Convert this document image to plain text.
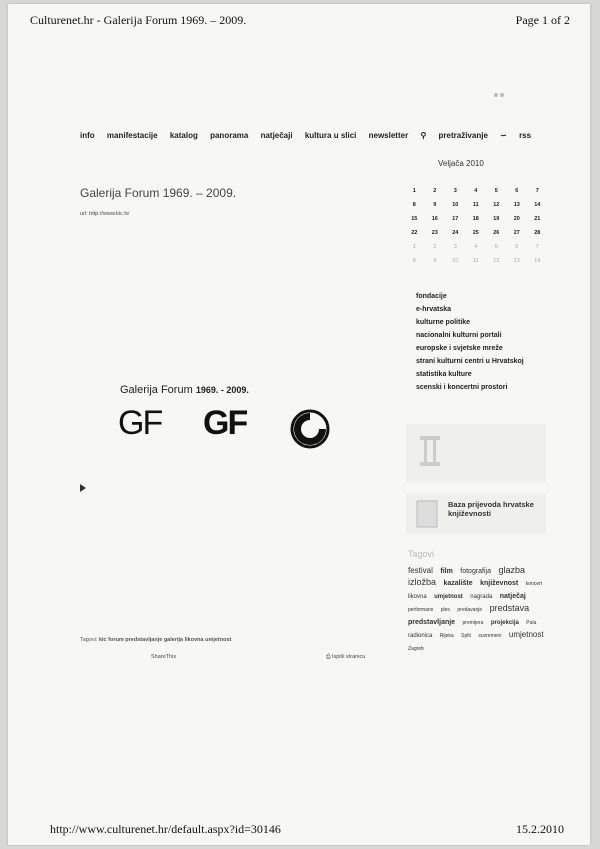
Culturenet.hr - Galerija Forum 1969. – 2009.	Page 1 of 2

info manifestacije katalog panorama natječaji kultura u slici newsletter ⚲ pretraživanje ∽ rss
Galerija Forum 1969. – 2009.
url: http://www.kic.hr
Galerija Forum 1969. - 2009.
GF GF
Tagovi: kic forum predstavljanje galerija likovna umjetnost
ShareThis	⎙ Ispiši stranicu

Veljača 2010
1	2	3	4	5	6	7
8	9	10	11	12	13	14
15	16	17	18	19	20	21
22	23	24	25	26	27	28
1	2	3	4	5	6	7
8	9	10	11	12	13	14
fondacije
e-hrvatska
kulturne politike
nacionalni kulturni portali
europske i svjetske mreže
strani kulturni centri u Hrvatskoj
statistika kulture
scenski i koncertni prostori
Baza prijevoda hrvatske književnosti
Tagovi
festival film fotografija glazba izložba kazalište književnost koncert likovna umjetnost nagrada natječaj performans ples predavanje predstava predstavljanje premijera projekcija Pula radionica Rijeka Split suvremeni umjetnost Zagreb
http://www.culturenet.hr/default.aspx?id=30146	15.2.2010
